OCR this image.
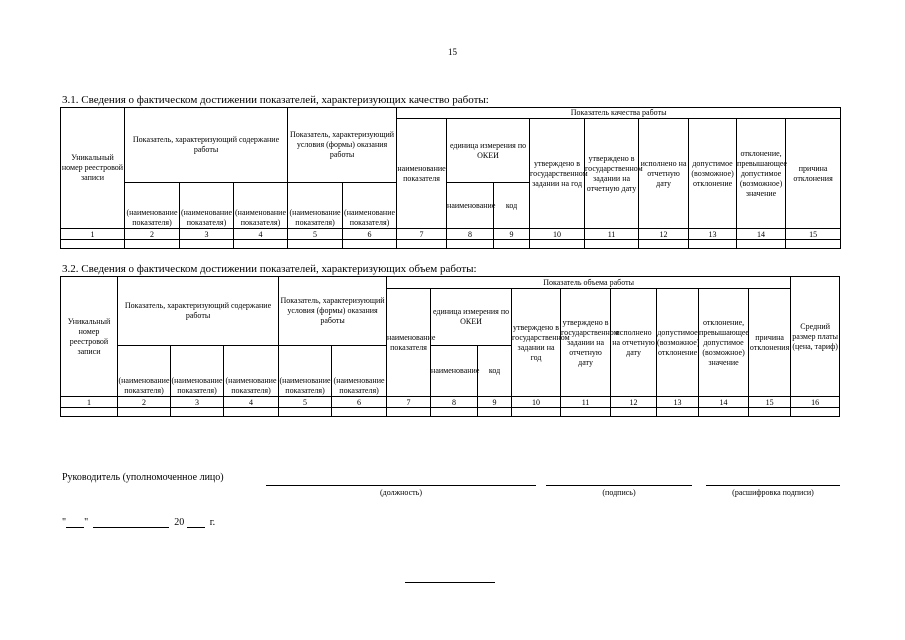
15
3.1. Сведения о фактическом достижении показателей, характеризующих качество работы:
Уникальный номер реестровой записи	Показатель, характеризующий содержание работы			Показатель, характеризующий условия (формы) оказания работы		Показатель качества работы								
						наименование показателя	единица измерения по ОКЕИ		утверждено в государственном задании на год	утверждено в государственном задании на отчетную дату	исполнено на отчетную дату	допустимое (возможное) отклонение	отклонение, превышающее допустимое (возможное) значение	причина отклонения
	(наименование показателя)	(наименование показателя)	(наименование показателя)	(наименование показателя)	(наименование показателя)		наименование	код						
1	2	3	4	5	6	7	8	9	10	11	12	13	14	15

3.2. Сведения о фактическом достижении показателей, характеризующих объем работы:
Уникальный номер реестровой записи	Показатель, характеризующий содержание работы			Показатель, характеризующий условия (формы) оказания работы		Показатель объема работы									Средний размер платы (цена, тариф)
						наименование показателя	единица измерения по ОКЕИ		утверждено в государственном задании на год	утверждено в государственном задании на отчетную дату	исполнено на отчетную дату	допустимое (возможное) отклонение	отклонение, превышающее допустимое (возможное) значение	причина отклонения	
	(наименование показателя)	(наименование показателя)	(наименование показателя)	(наименование показателя)	(наименование показателя)		наименование	код							
1	2	3	4	5	6	7	8	9	10	11	12	13	14	15	16

Руководитель (уполномоченное лицо)
(должность)	(подпись)	(расшифровка подписи)
" "	20	г.
